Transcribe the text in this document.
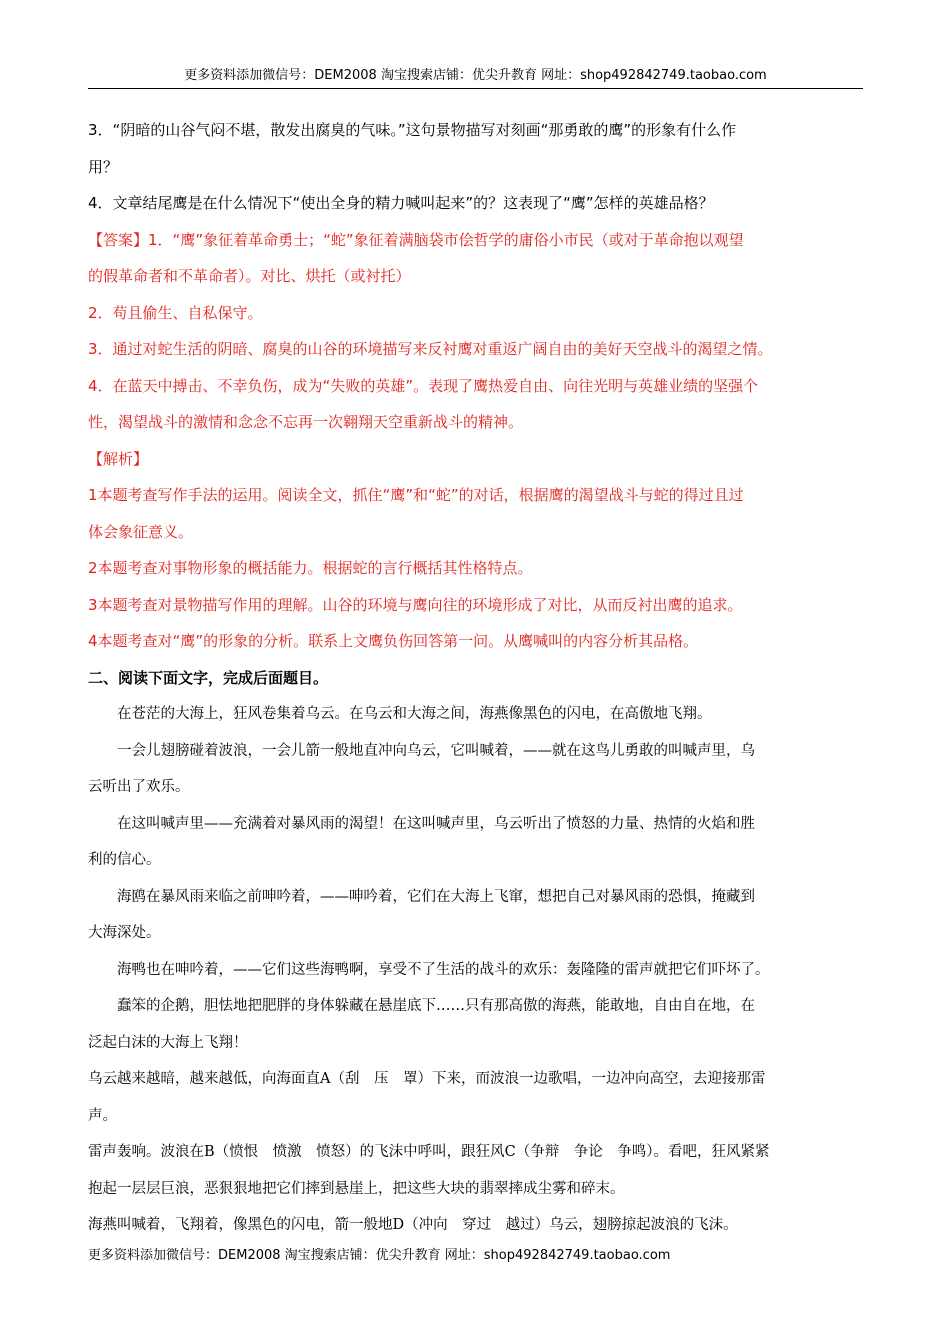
更多资料添加微信号：DEM2008 淘宝搜索店铺：优尖升教育 网址：shop492842749.taobao.com

3．“阴暗的山谷气闷不堪，散发出腐臭的气味。”这句景物描写对刻画“那勇敢的鹰”的形象有什么作

用？

4．文章结尾鹰是在什么情况下“使出全身的精力喊叫起来”的？这表现了“鹰”怎样的英雄品格？

【答案】1．“鹰”象征着革命勇士；“蛇”象征着满脑袋市侩哲学的庸俗小市民（或对于革命抱以观望

的假革命者和不革命者）。对比、烘托（或衬托）

2．苟且偷生、自私保守。

3．通过对蛇生活的阴暗、腐臭的山谷的环境描写来反衬鹰对重返广阔自由的美好天空战斗的渴望之情。

4．在蓝天中搏击、不幸负伤，成为“失败的英雄”。表现了鹰热爱自由、向往光明与英雄业绩的坚强个

性，渴望战斗的激情和念念不忘再一次翱翔天空重新战斗的精神。

【解析】

1本题考查写作手法的运用。阅读全文，抓住“鹰”和“蛇”的对话，根据鹰的渴望战斗与蛇的得过且过

体会象征意义。

2本题考查对事物形象的概括能力。根据蛇的言行概括其性格特点。

3本题考查对景物描写作用的理解。山谷的环境与鹰向往的环境形成了对比，从而反衬出鹰的追求。

4本题考查对“鹰”的形象的分析。联系上文鹰负伤回答第一问。从鹰喊叫的内容分析其品格。

二、阅读下面文字，完成后面题目。

在苍茫的大海上，狂风卷集着乌云。在乌云和大海之间，海燕像黑色的闪电，在高傲地飞翔。

一会儿翅膀碰着波浪，一会儿箭一般地直冲向乌云，它叫喊着，——就在这鸟儿勇敢的叫喊声里，乌

云听出了欢乐。

在这叫喊声里——充满着对暴风雨的渴望！在这叫喊声里，乌云听出了愤怒的力量、热情的火焰和胜

利的信心。

海鸥在暴风雨来临之前呻吟着，——呻吟着，它们在大海上飞窜，想把自己对暴风雨的恐惧，掩藏到

大海深处。

海鸭也在呻吟着，——它们这些海鸭啊，享受不了生活的战斗的欢乐：轰隆隆的雷声就把它们吓坏了。

蠢笨的企鹅，胆怯地把肥胖的身体躲藏在悬崖底下……只有那高傲的海燕，能敢地，自由自在地，在

泛起白沫的大海上飞翔！

乌云越来越暗，越来越低，向海面直A（刮　压　罩）下来，而波浪一边歌唱，一边冲向高空，去迎接那雷

声。

雷声轰响。波浪在B（愤恨　愤激　愤怒）的飞沫中呼叫，跟狂风C（争辩　争论　争鸣）。看吧，狂风紧紧

抱起一层层巨浪，恶狠狠地把它们摔到悬崖上，把这些大块的翡翠摔成尘雾和碎末。

海燕叫喊着，飞翔着，像黑色的闪电，箭一般地D（冲向　穿过　越过）乌云，翅膀掠起波浪的飞沫。

更多资料添加微信号：DEM2008 淘宝搜索店铺：优尖升教育 网址：shop492842749.taobao.com
